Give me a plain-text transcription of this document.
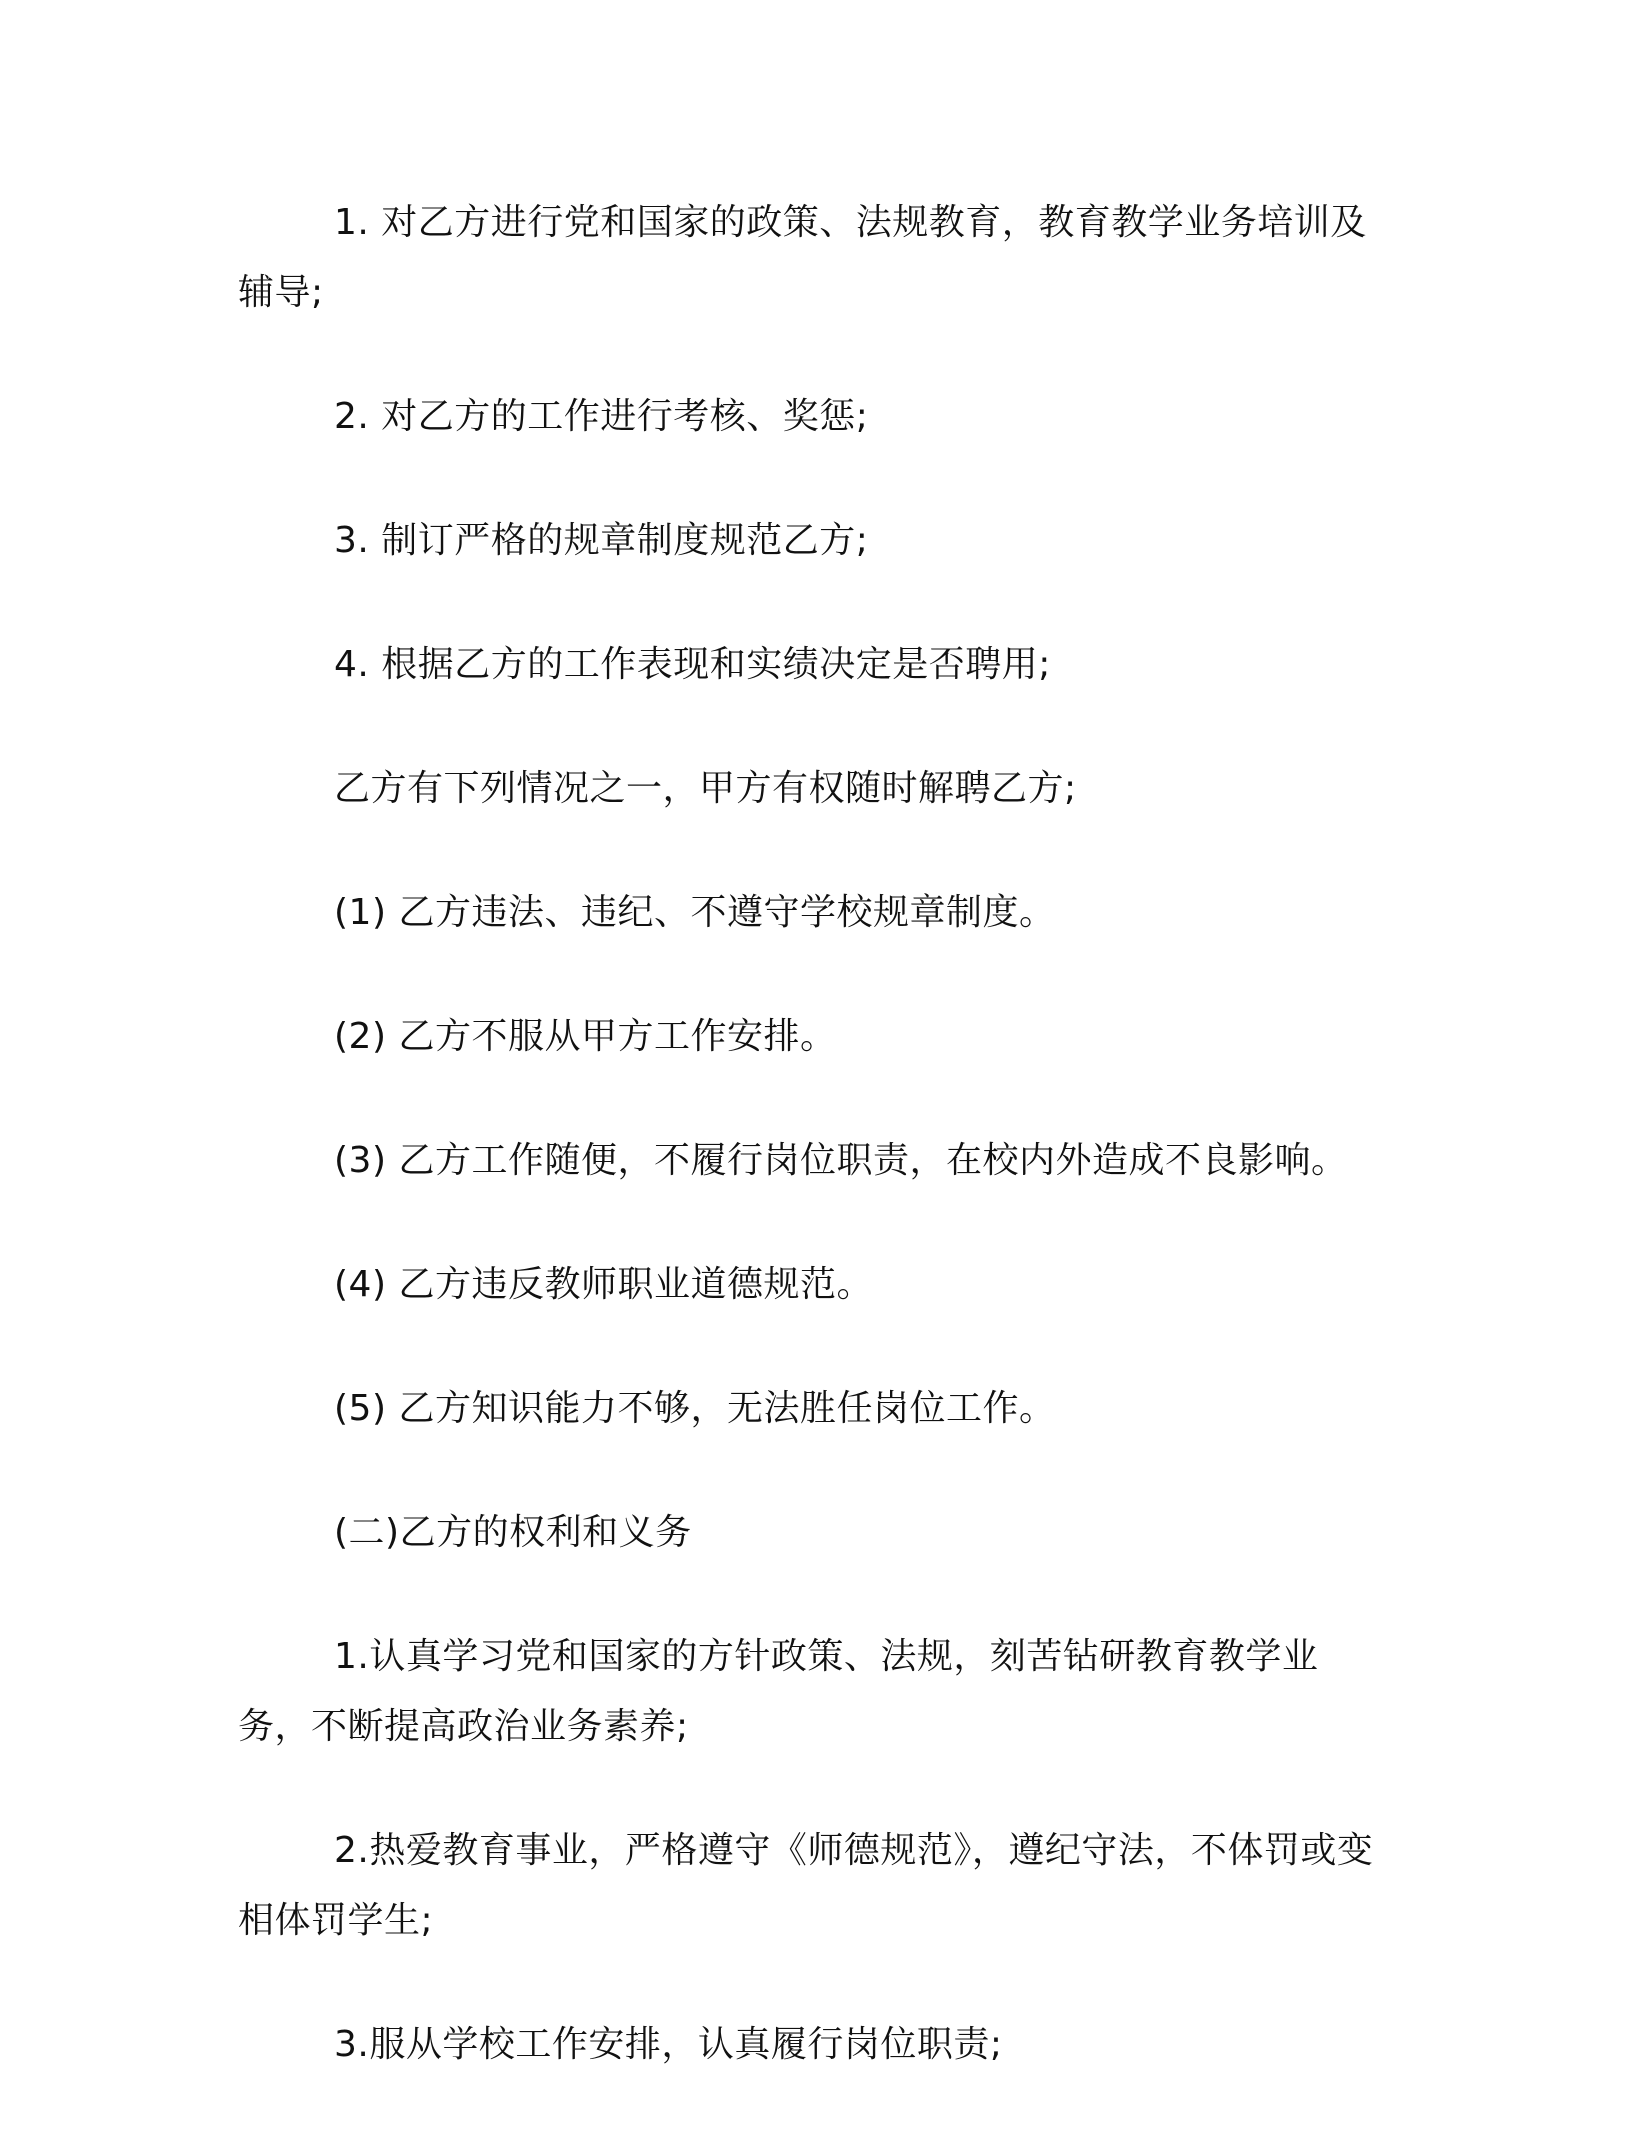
1. 对乙方进行党和国家的政策、法规教育，教育教学业务培训及辅导;

2. 对乙方的工作进行考核、奖惩;

3. 制订严格的规章制度规范乙方;

4. 根据乙方的工作表现和实绩决定是否聘用;

乙方有下列情况之一，甲方有权随时解聘乙方;

(1) 乙方违法、违纪、不遵守学校规章制度。

(2) 乙方不服从甲方工作安排。

(3) 乙方工作随便，不履行岗位职责，在校内外造成不良影响。

(4) 乙方违反教师职业道德规范。

(5) 乙方知识能力不够，无法胜任岗位工作。

(二)乙方的权利和义务

1.认真学习党和国家的方针政策、法规，刻苦钻研教育教学业务，不断提高政治业务素养;

2.热爱教育事业，严格遵守《师德规范》，遵纪守法，不体罚或变相体罚学生;

3.服从学校工作安排，认真履行岗位职责;
